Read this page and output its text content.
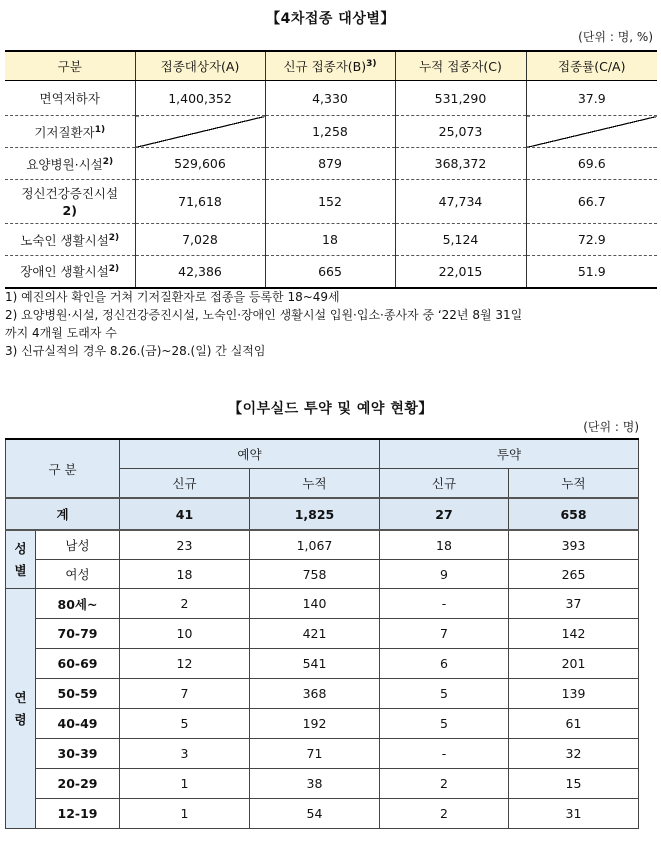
【4차접종 대상별】
(단위 : 명, %)
구분	접종대상자(A)	신규 접종자$(B)^{3)}$	누적 접종자(C)	접종률(C/A)
면역저하자	1,400,352	4,330	531,290	37.9
기저질환자$^{1)}$		1,258	25,073	
요양병원·시설$^{2)}$	529,606	879	368,372	69.6
정신건강증진시설
2)	71,618	152	47,734	66.7
노숙인 생활시설$^{2)}$	7,028	18	5,124	72.9
장애인 생활시설$^{2)}$	42,386	665	22,015	51.9
1) 예진의사 확인을 거쳐 기저질환자로 접종을 등록한 18~49세
2) 요양병원·시설, 정신건강증진시설, 노숙인·장애인 생활시설 입원·입소·종사자 중 ‘22년 8월 31일
까지 4개월 도래자 수
3) 신규실적의 경우 8.26.(금)~28.(일) 간 실적임
【이부실드 투약 및 예약 현황】
(단위 : 명)
구 분		예약		투약	
		신규	누적	신규	누적
계		41	1,825	27	658
성
별	남성	23	1,067	18	393
	여성	18	758	9	265
연
령	80세~	2	140	-	37
	70-79	10	421	7	142
	60-69	12	541	6	201
	50-59	7	368	5	139
	40-49	5	192	5	61
	30-39	3	71	-	32
	20-29	1	38	2	15
	12-19	1	54	2	31
